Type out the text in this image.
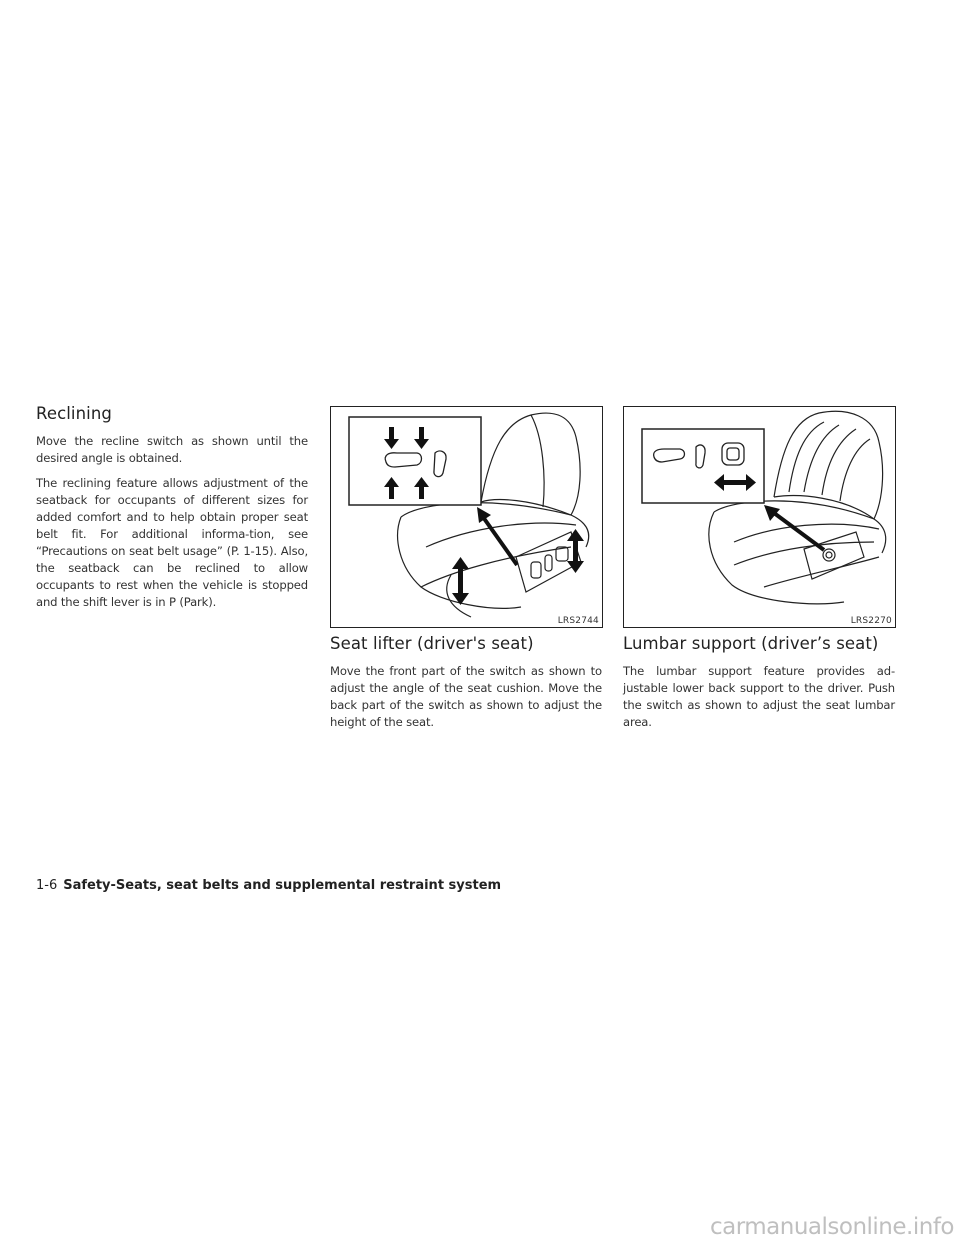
Reclining

Move the recline switch as shown until the desired angle is obtained.

The reclining feature allows adjustment of the seatback for occupants of different sizes for added comfort and to help obtain proper seat belt fit. For additional informa-tion, see “Precautions on seat belt usage” (P. 1-15). Also, the seatback can be reclined to allow occupants to rest when the vehicle is stopped and the shift lever is in P (Park).

LRS2744	LRS2270
Seat lifter (driver's seat)

Move the front part of the switch as shown to adjust the angle of the seat cushion. Move the back part of the switch as shown to adjust the height of the seat.

Lumbar support (driver’s seat)

The lumbar support feature provides ad-justable lower back support to the driver. Push the switch as shown to adjust the seat lumbar area.

1-6 Safety-Seats, seat belts and supplemental restraint system
carmanualsonline.info
